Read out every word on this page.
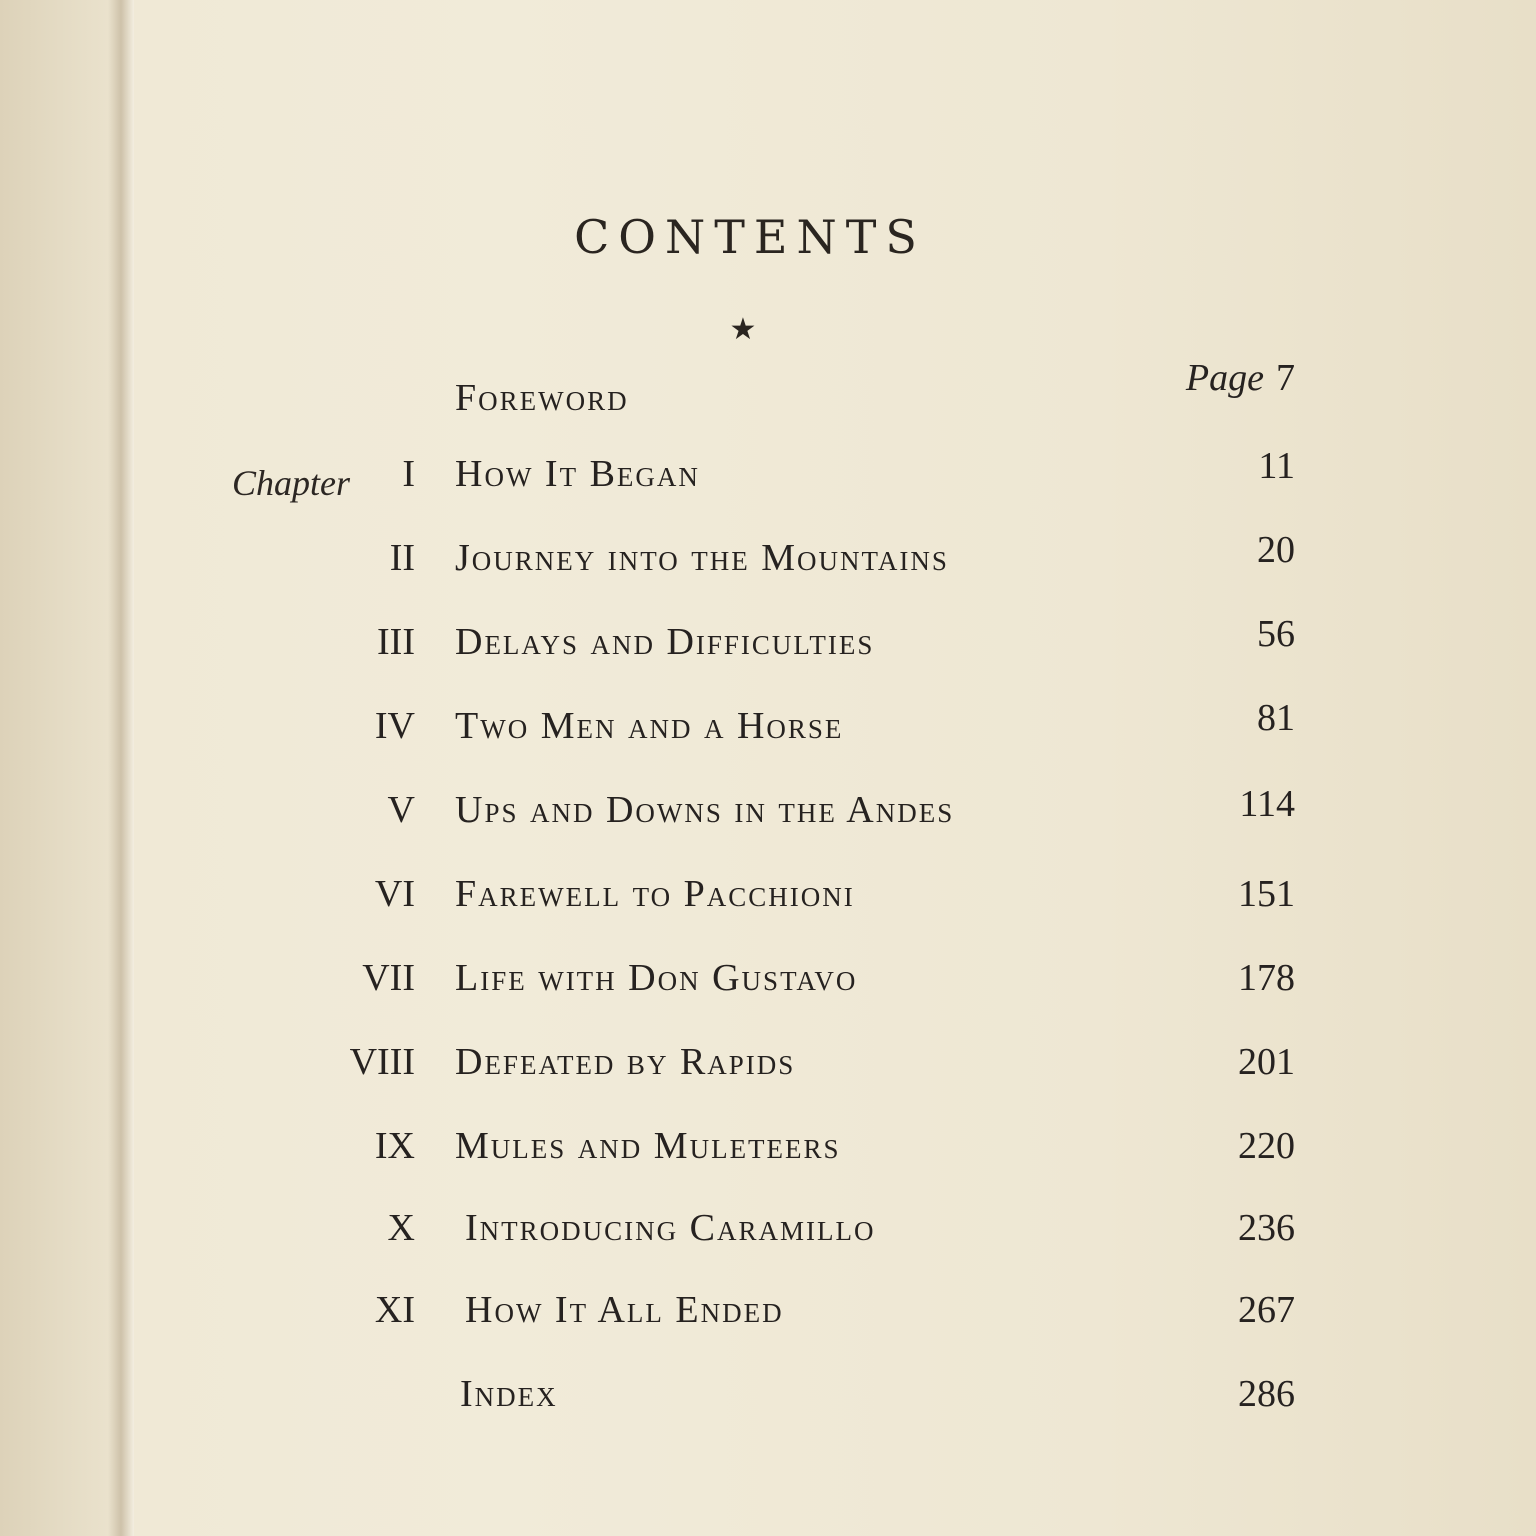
CONTENTS
★
Foreword	Page 7
Chapter	I How It Began	11
II Journey into the Mountains	20
III Delays and Difficulties	56
IV Two Men and a Horse	81
V Ups and Downs in the Andes	114
VI Farewell to Pacchioni	151
VII Life with Don Gustavo	178
VIII Defeated by Rapids	201
IX Mules and Muleteers	220
X Introducing Caramillo	236
XI How It All Ended	267
Index	286
